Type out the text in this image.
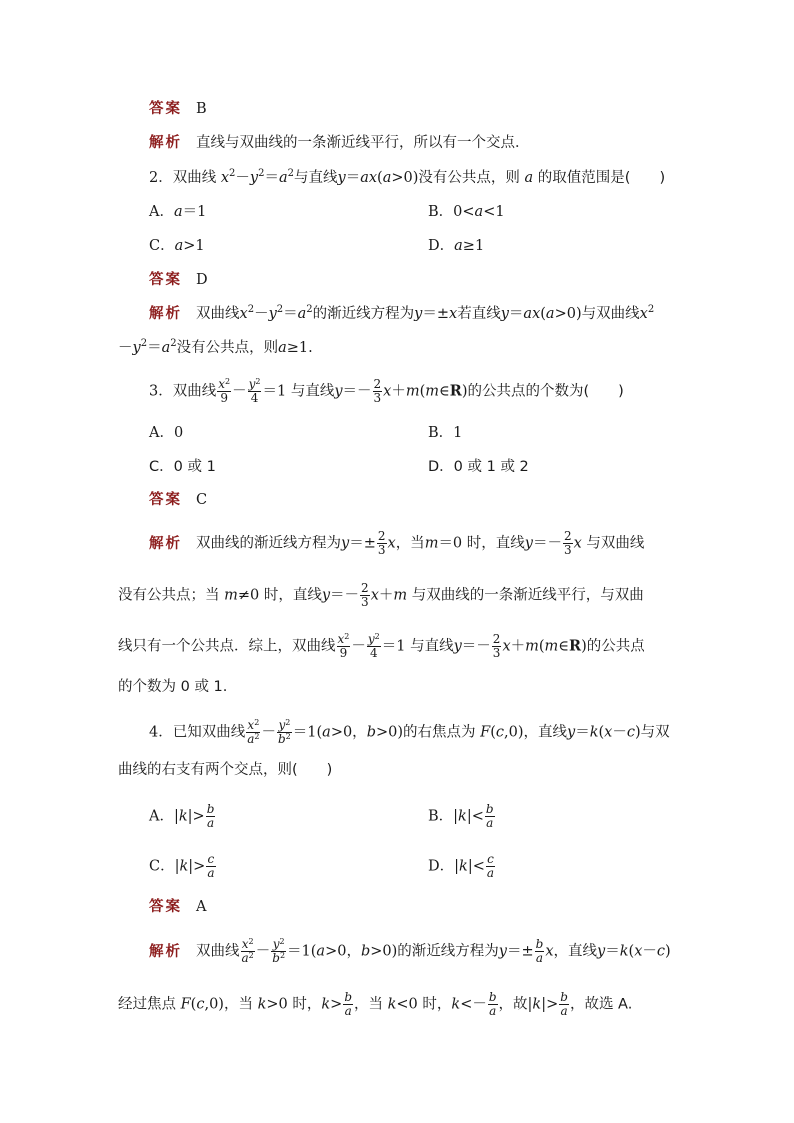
答案 B
解析 直线与双曲线的一条渐近线平行，所以有一个交点．
2．双曲线 $x^2-y^2=a^2$与直线y＝ax(a>0)没有公共点，则 a 的取值范围是(　　)
A．a＝1	B．0<a<1
C．a>1	D．a≥1
答案 D
解析 双曲线$x^2-y^2=a^2$的渐近线方程为y＝±x若直线y＝ax(a>0)与双曲线$x^2$
$-y^2=a^2$没有公共点，则a≥1.
3．双曲线 $\frac{x^2}{9} - \frac{y^2}{4} =1$ 与直线$y=- \frac{2}{3}$ x＋m(m∈R)的公共点的个数为(　　)
A．0	B．1
C．0 或 1	D．0 或 1 或 2
答案 C
解析 双曲线的渐近线方程为$y=\pm \frac{2}{3}$ x，当m＝0 时，直线$y=- \frac{2}{3}$ x 与双曲线
没有公共点；当 m≠0 时，直线$y=- \frac{2}{3} x+m$ 与双曲线的一条渐近线平行，与双曲
线只有一个公共点．综上，双曲线 $\frac{x^2}{9} - \frac{y^2}{4} =1$ 与直线$y=- \frac{2}{3}$ x＋m(m∈R)的公共点
的个数为 0 或 1.
4．已知双曲线 $\frac{x^2}{a^2} - \frac{y^2}{b^2} =1(a>0$，b>0)的右焦点为 F(c,0)，直线y＝k(x－c)与双
曲线的右支有两个交点，则(　　)
A．$|k|> \frac{b}{a}$	B．$|k|< \frac{b}{a}$
C．$|k|> \frac{c}{a}$	D．$|k|< \frac{c}{a}$
答案 A
解析 双曲线 $\frac{x^2}{a^2} - \frac{y^2}{b^2} =1(a>0$，b>0)的渐近线方程为$y=\pm \frac{b}{a}$ x，直线y＝k(x－c)
经过焦点 F(c,0)，当 k>0 时，$k> \frac{b}{a}$ ，当 k<0 时，$k<- \frac{b}{a}$ ，故$|k|> \frac{b}{a}$ ，故选 A.
